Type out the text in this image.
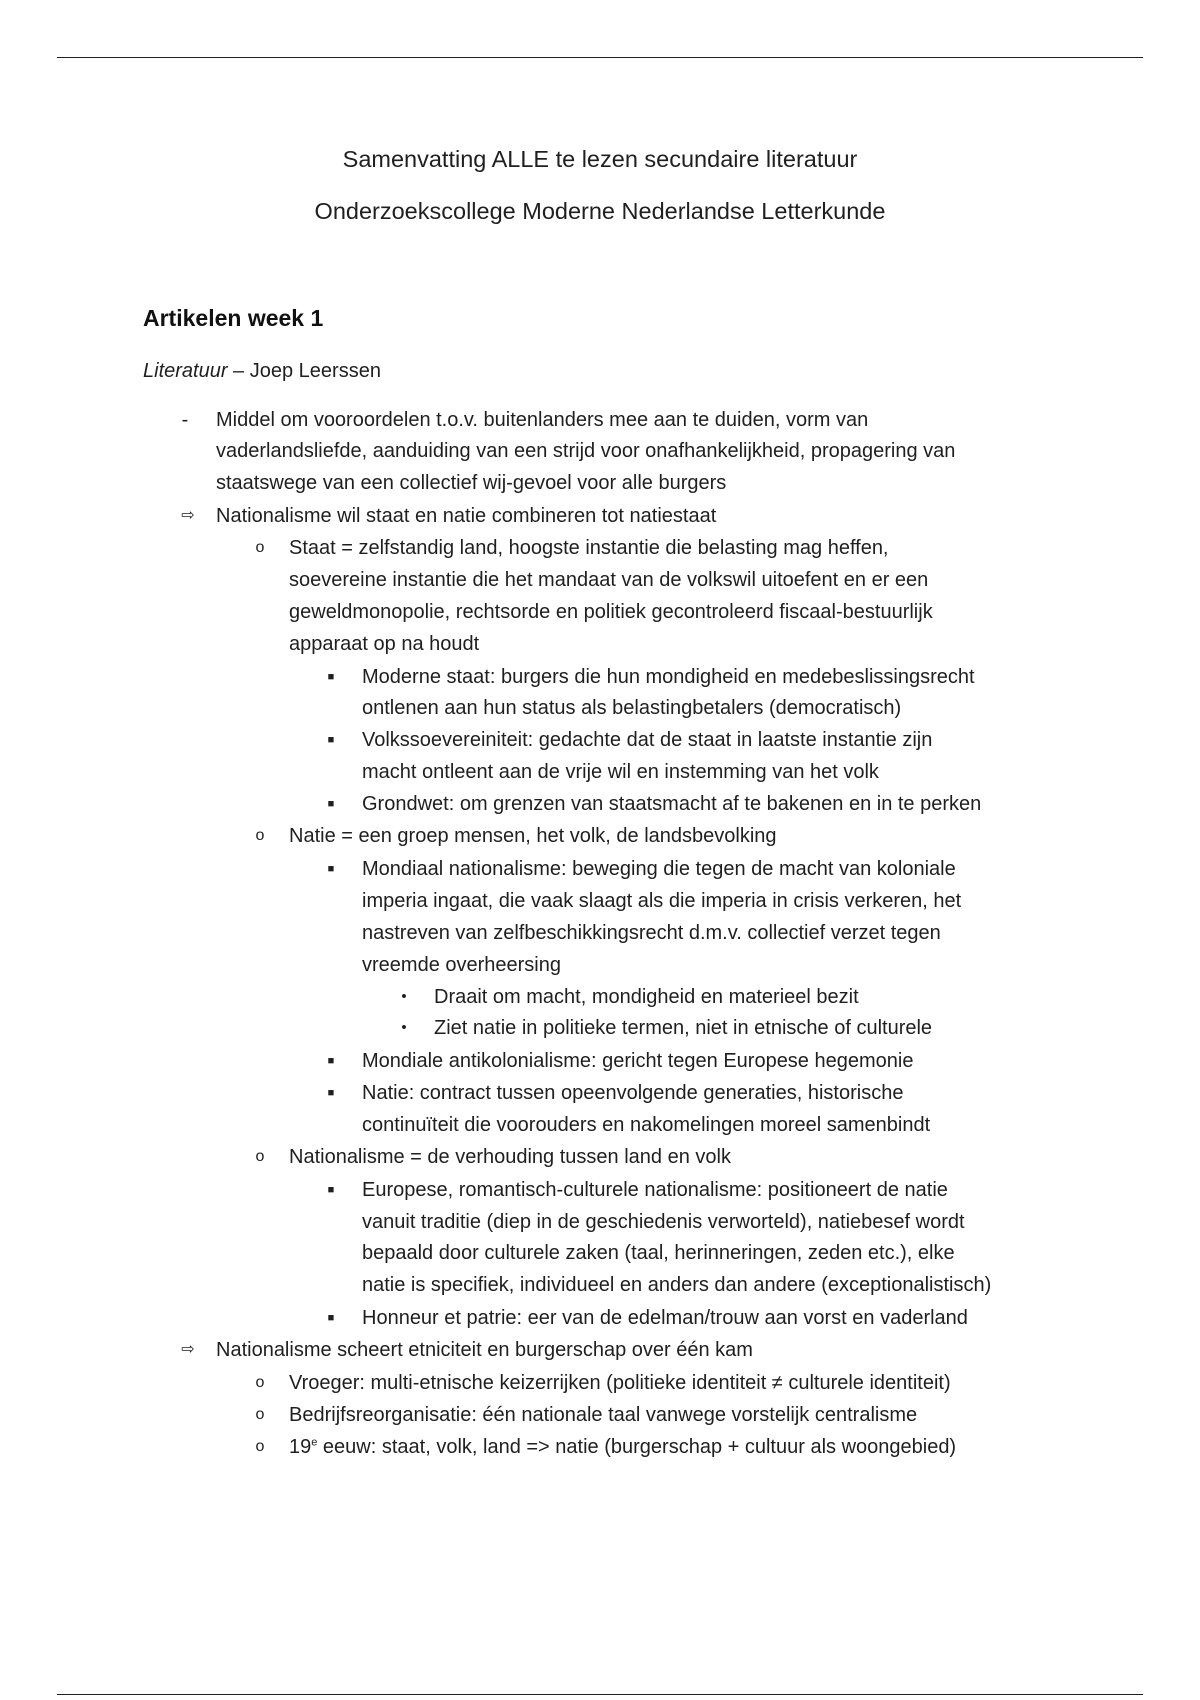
Samenvatting ALLE te lezen secundaire literatuur
Onderzoekscollege Moderne Nederlandse Letterkunde
Artikelen week 1
Literatuur – Joep Leerssen
-	Middel om vooroordelen t.o.v. buitenlanders mee aan te duiden, vorm van
vaderlandsliefde, aanduiding van een strijd voor onafhankelijkheid, propagering van
staatswege van een collectief wij-gevoel voor alle burgers
⇨ Nationalisme wil staat en natie combineren tot natiestaat
o Staat = zelfstandig land, hoogste instantie die belasting mag heffen,
soevereine instantie die het mandaat van de volkswil uitoefent en er een
geweldmonopolie, rechtsorde en politiek gecontroleerd fiscaal-bestuurlijk
apparaat op na houdt
■	Moderne staat: burgers die hun mondigheid en medebeslissingsrecht
ontlenen aan hun status als belastingbetalers (democratisch)
■	Volkssoevereiniteit: gedachte dat de staat in laatste instantie zijn
macht ontleent aan de vrije wil en instemming van het volk
■	Grondwet: om grenzen van staatsmacht af te bakenen en in te perken
o Natie = een groep mensen, het volk, de landsbevolking
■	Mondiaal nationalisme: beweging die tegen de macht van koloniale
imperia ingaat, die vaak slaagt als die imperia in crisis verkeren, het
nastreven van zelfbeschikkingsrecht d.m.v. collectief verzet tegen
vreemde overheersing
•	Draait om macht, mondigheid en materieel bezit
•	Ziet natie in politieke termen, niet in etnische of culturele
■	Mondiale antikolonialisme: gericht tegen Europese hegemonie
■	Natie: contract tussen opeenvolgende generaties, historische
continuïteit die voorouders en nakomelingen moreel samenbindt
o Nationalisme = de verhouding tussen land en volk
■	Europese, romantisch-culturele nationalisme: positioneert de natie
vanuit traditie (diep in de geschiedenis verworteld), natiebesef wordt
bepaald door culturele zaken (taal, herinneringen, zeden etc.), elke
natie is specifiek, individueel en anders dan andere (exceptionalistisch)
■	Honneur et patrie: eer van de edelman/trouw aan vorst en vaderland
⇨ Nationalisme scheert etniciteit en burgerschap over één kam
o Vroeger: multi-etnische keizerrijken (politieke identiteit ≠ culturele identiteit)
o Bedrijfsreorganisatie: één nationale taal vanwege vorstelijk centralisme
o 19e eeuw: staat, volk, land => natie (burgerschap + cultuur als woongebied)
